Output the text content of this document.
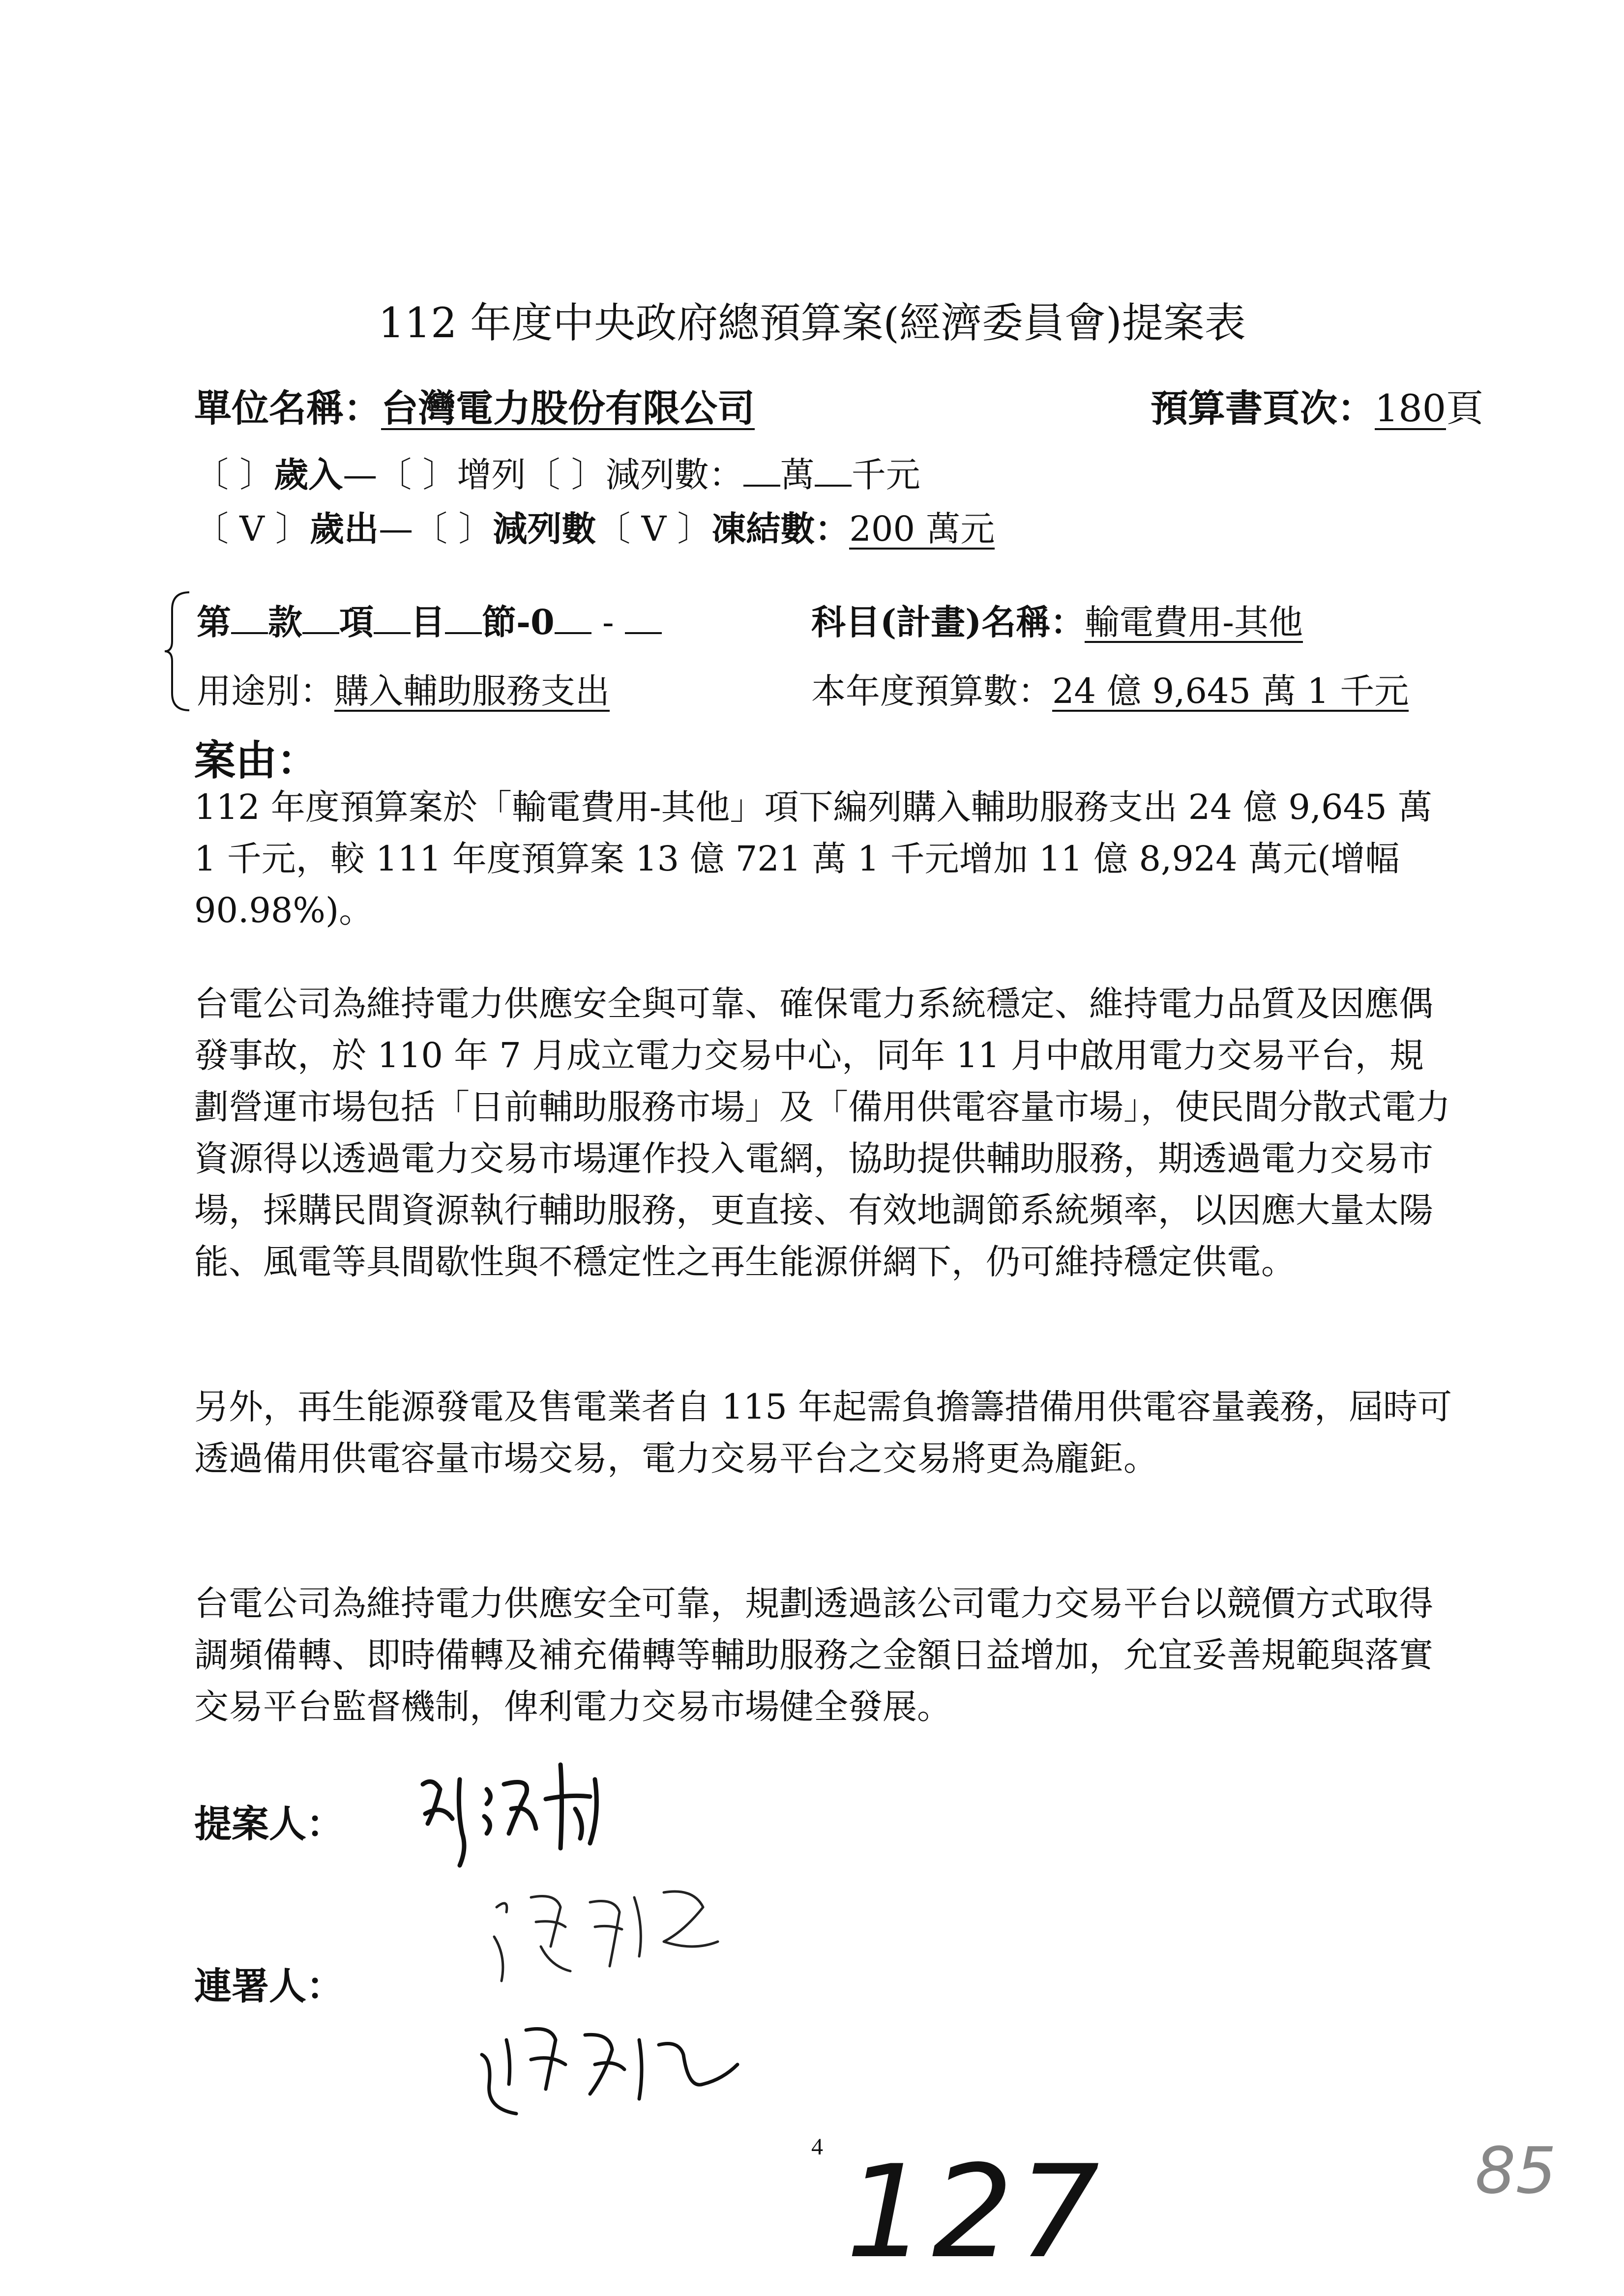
112 年度中央政府總預算案(經濟委員會)提案表
單位名稱：台灣電力股份有限公司	預算書頁次：180頁
〔 〕歲入—〔 〕增列〔 〕減列數： 萬 千元
〔 V 〕歲出—〔 〕減列數〔 V 〕凍結數：200 萬元
第 款 項 目 節-0 -	科目(計畫)名稱：輸電費用-其他
用途別：購入輔助服務支出	本年度預算數：24 億 9,645 萬 1 千元
案由：

112 年度預算案於「輸電費用-其他」項下編列購入輔助服務支出 24 億 9,645 萬 1 千元，較 111 年度預算案 13 億 721 萬 1 千元增加 11 億 8,924 萬元(增幅 90.98%)。

台電公司為維持電力供應安全與可靠、確保電力系統穩定、維持電力品質及因應偶發事故，於 110 年 7 月成立電力交易中心，同年 11 月中啟用電力交易平台，規劃營運市場包括「日前輔助服務市場」及「備用供電容量市場」，使民間分散式電力資源得以透過電力交易市場運作投入電網，協助提供輔助服務，期透過電力交易市場，採購民間資源執行輔助服務，更直接、有效地調節系統頻率，以因應大量太陽能、風電等具間歇性與不穩定性之再生能源併網下，仍可維持穩定供電。

另外，再生能源發電及售電業者自 115 年起需負擔籌措備用供電容量義務，屆時可透過備用供電容量市場交易，電力交易平台之交易將更為龐鉅。

台電公司為維持電力供應安全可靠，規劃透過該公司電力交易平台以競價方式取得調頻備轉、即時備轉及補充備轉等輔助服務之金額日益增加，允宜妥善規範與落實交易平台監督機制，俾利電力交易市場健全發展。

提案人：
連署人：
4 127	85
